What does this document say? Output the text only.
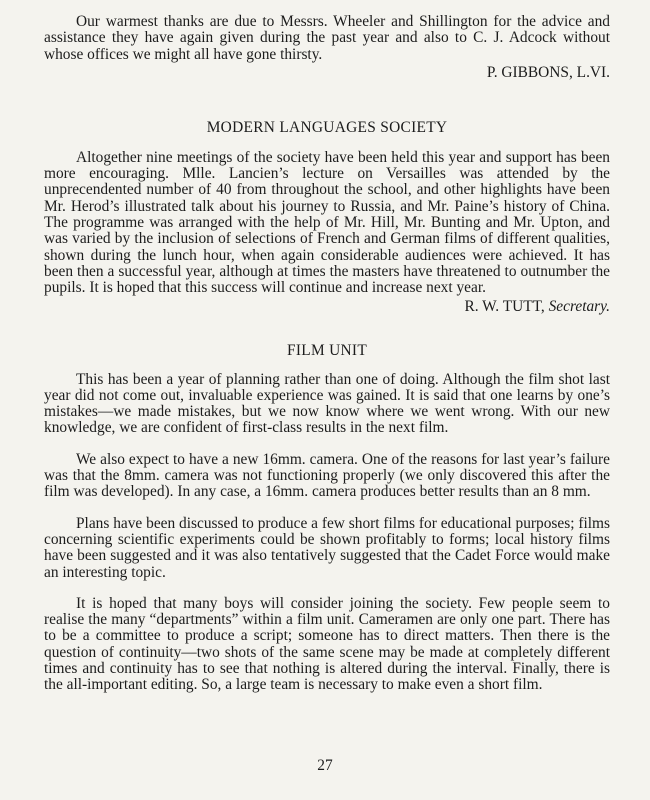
Our warmest thanks are due to Messrs. Wheeler and Shillington for the advice and assistance they have again given during the past year and also to C. J. Adcock without whose offices we might all have gone thirsty.

P. GIBBONS, L.VI.
MODERN LANGUAGES SOCIETY

Altogether nine meetings of the society have been held this year and support has been more encouraging. Mlle. Lancien’s lecture on Versailles was attended by the unprecendented number of 40 from throughout the school, and other highlights have been Mr. Herod’s illustrated talk about his journey to Russia, and Mr. Paine’s history of China. The programme was arranged with the help of Mr. Hill, Mr. Bunting and Mr. Upton, and was varied by the inclusion of selections of French and German films of different qualities, shown during the lunch hour, when again considerable audiences were achieved. It has been then a successful year, although at times the masters have threatened to outnumber the pupils. It is hoped that this success will continue and increase next year.

R. W. TUTT, Secretary.
FILM UNIT

This has been a year of planning rather than one of doing. Although the film shot last year did not come out, invaluable experience was gained. It is said that one learns by one’s mistakes—we made mistakes, but we now know where we went wrong. With our new knowledge, we are confident of first-class results in the next film.

We also expect to have a new 16mm. camera. One of the reasons for last year’s failure was that the 8mm. camera was not functioning properly (we only discovered this after the film was developed). In any case, a 16mm. camera produces better results than an 8 mm.

Plans have been discussed to produce a few short films for educational purposes; films concerning scientific experiments could be shown profitably to forms; local history films have been suggested and it was also tentatively suggested that the Cadet Force would make an interesting topic.

It is hoped that many boys will consider joining the society. Few people seem to realise the many “departments” within a film unit. Cameramen are only one part. There has to be a committee to produce a script; someone has to direct matters. Then there is the question of continuity—two shots of the same scene may be made at completely different times and continuity has to see that nothing is altered during the interval. Finally, there is the all-important editing. So, a large team is necessary to make even a short film.

27
